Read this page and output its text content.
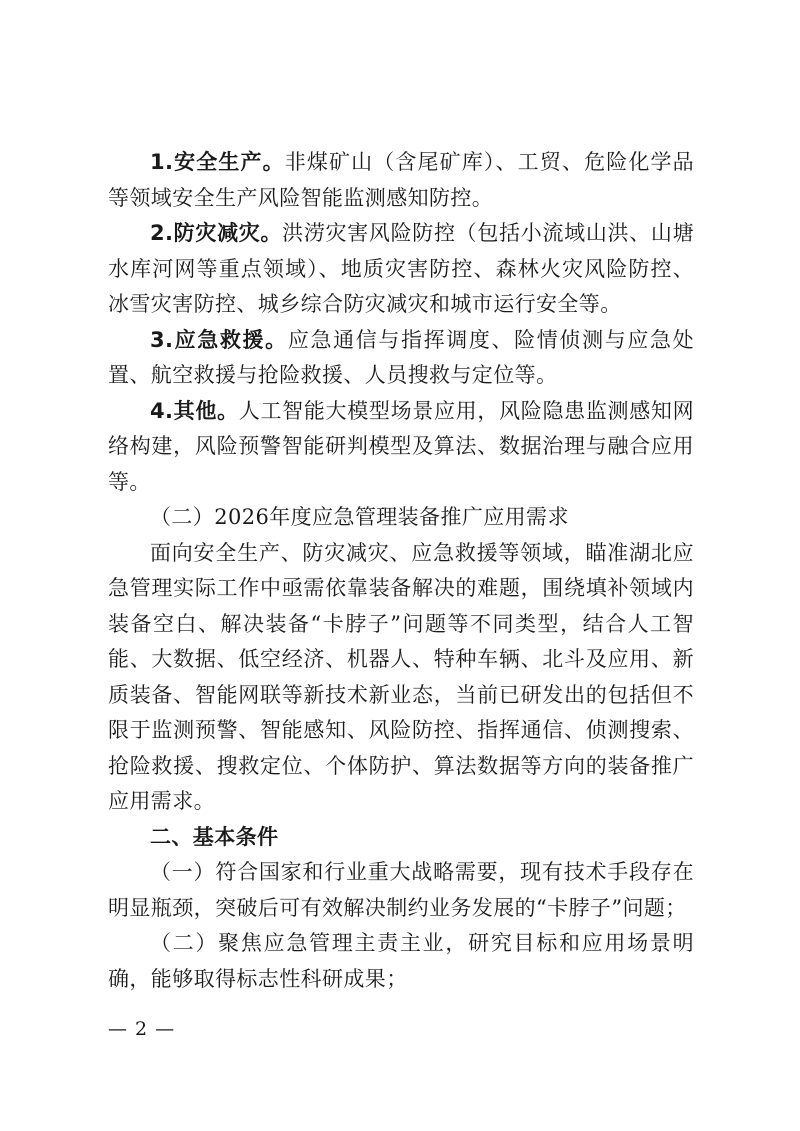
1.安全生产。非煤矿山（含尾矿库）、工贸、危险化学品等领域安全生产风险智能监测感知防控。

2.防灾减灾。洪涝灾害风险防控（包括小流域山洪、山塘水库河网等重点领域）、地质灾害防控、森林火灾风险防控、冰雪灾害防控、城乡综合防灾减灾和城市运行安全等。

3.应急救援。应急通信与指挥调度、险情侦测与应急处置、航空救援与抢险救援、人员搜救与定位等。

4.其他。人工智能大模型场景应用，风险隐患监测感知网络构建，风险预警智能研判模型及算法、数据治理与融合应用等。

（二）2026年度应急管理装备推广应用需求

面向安全生产、防灾减灾、应急救援等领域，瞄准湖北应急管理实际工作中亟需依靠装备解决的难题，围绕填补领域内装备空白、解决装备“卡脖子”问题等不同类型，结合人工智能、大数据、低空经济、机器人、特种车辆、北斗及应用、新质装备、智能网联等新技术新业态，当前已研发出的包括但不限于监测预警、智能感知、风险防控、指挥通信、侦测搜索、抢险救援、搜救定位、个体防护、算法数据等方向的装备推广应用需求。

二、基本条件

（一）符合国家和行业重大战略需要，现有技术手段存在明显瓶颈，突破后可有效解决制约业务发展的“卡脖子”问题；

（二）聚焦应急管理主责主业，研究目标和应用场景明确，能够取得标志性科研成果；

— 2 —
